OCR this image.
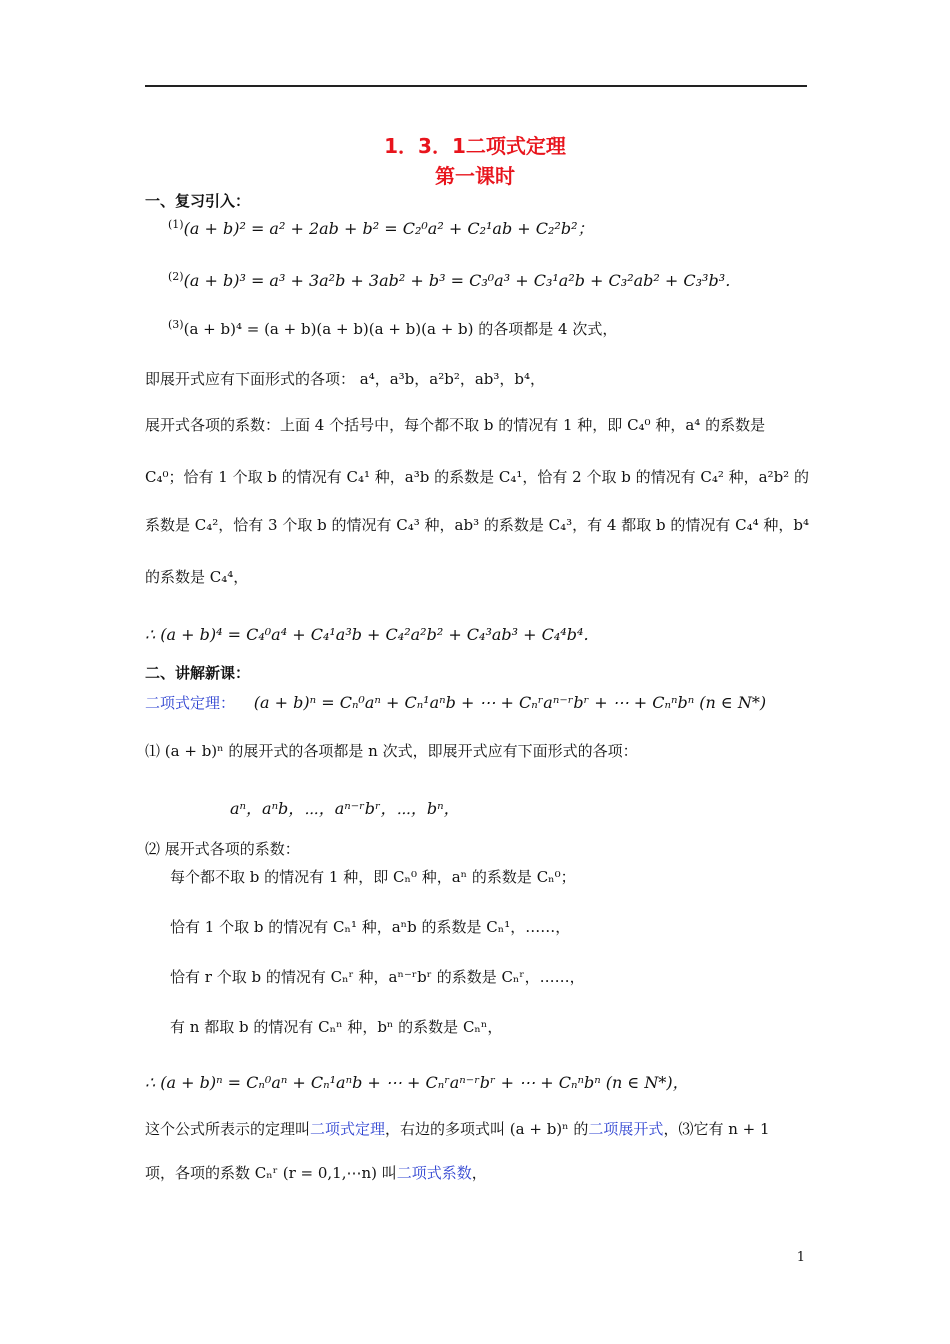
1．3．1二项式定理
第一课时
一、复习引入：
$^{(1)}$(a + b)² = a² + 2ab + b² = C₂⁰a² + C₂¹ab + C₂²b²；
$^{(2)}$(a + b)³ = a³ + 3a²b + 3ab² + b³ = C₃⁰a³ + C₃¹a²b + C₃²ab² + C₃³b³．
$^{(3)}$(a + b)⁴ = (a + b)(a + b)(a + b)(a + b) 的各项都是 4 次式，
即展开式应有下面形式的各项： a⁴，a³b，a²b²，ab³，b⁴，
展开式各项的系数：上面 4 个括号中，每个都不取 b 的情况有 1 种，即 C₄⁰ 种，a⁴ 的系数是
C₄⁰；恰有 1 个取 b 的情况有 C₄¹ 种，a³b 的系数是 C₄¹，恰有 2 个取 b 的情况有 C₄² 种，a²b² 的
系数是 C₄²，恰有 3 个取 b 的情况有 C₄³ 种，ab³ 的系数是 C₄³，有 4 都取 b 的情况有 C₄⁴ 种，b⁴
的系数是 C₄⁴，
∴ (a + b)⁴ = C₄⁰a⁴ + C₄¹a³b + C₄²a²b² + C₄³ab³ + C₄⁴b⁴．
二、讲解新课：
二项式定理： (a + b)ⁿ = Cₙ⁰aⁿ + Cₙ¹aⁿb + ⋯ + Cₙʳaⁿ⁻ʳbʳ + ⋯ + Cₙⁿbⁿ (n ∈ N*)
⑴ (a + b)ⁿ 的展开式的各项都是 n 次式，即展开式应有下面形式的各项：
aⁿ，aⁿb，⋯，aⁿ⁻ʳbʳ，⋯，bⁿ，
⑵ 展开式各项的系数：
每个都不取 b 的情况有 1 种，即 Cₙ⁰ 种，aⁿ 的系数是 Cₙ⁰；
恰有 1 个取 b 的情况有 Cₙ¹ 种，aⁿb 的系数是 Cₙ¹，……，
恰有 r 个取 b 的情况有 Cₙʳ 种，aⁿ⁻ʳbʳ 的系数是 Cₙʳ，……，
有 n 都取 b 的情况有 Cₙⁿ 种，bⁿ 的系数是 Cₙⁿ，
∴ (a + b)ⁿ = Cₙ⁰aⁿ + Cₙ¹aⁿb + ⋯ + Cₙʳaⁿ⁻ʳbʳ + ⋯ + Cₙⁿbⁿ (n ∈ N*)，
这个公式所表示的定理叫二项式定理，右边的多项式叫 (a + b)ⁿ 的二项展开式，⑶它有 n + 1
项，各项的系数 Cₙʳ (r = 0,1,⋯n) 叫二项式系数，
1
